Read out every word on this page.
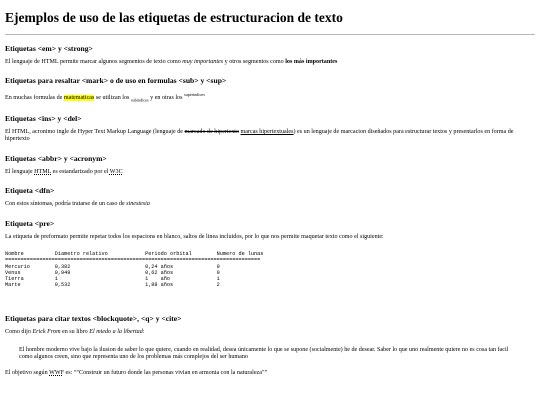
Ejemplos de uso de las etiquetas de estructuracion de texto
Etiquetas <em> y <strong>

El lenguaje de HTML permite marcar algunos segmentos de texto como muy importantes y otros segmentos como los más importantes

Etiquetas para resaltar <mark> o de uso en formulas <sub> y <sup>

En muchas formulas de matematicas se utilizan los $_{subindices}$ y en otras los $^{superindices}$

Etiquetas <ins> y <del>

El HTML, acronimo ingle de Hyper Text Markup Language (lenguaje de marcado de hipertexto marcas hipertextuales) es un lenguaje de marcacion diseñados para estructurar textos y presentarlos en forma de hipertexto

Etiquetas <abbr> y <acronym>

El lenguaje HTML es estandarizado por el W3C

Etiqueta <dfn>

Con estos síntomas, podría tratarse de un caso de sinestesia

Etiqueta <pre>

La etiqueta de preformato permite repetar todos los espacions en blanco, saltos de linea incluidos, por lo que nos permite maquetar texto como el siguiente:

Nombre          Diametro relativo            Periodo orbital        Numero de lunas
==================================================================================
Mercurio        0,382                        0,24 años              0
Venus           0,949                        0,62 años              0
Tierra          1                            1    año               1
Marte           0,532                        1,88 años              2
Etiquetas para citar textos <blockquote>, <q> y <cite>

Como dijo Erick From en su libro El miedo a la libertad:

El hombre moderno vive bajo la ilusion de saber lo que quiere, cuando en realidad, desea únicamente lo que se supone (socialmente) he de desear. Saber lo que uno realmente quiere no es cosa tan facil como algunos creen, sino que representa uno de los problemas más complejos del ser humano

El objetivo según WWF es: "Construir un futuro donde las personas vivian en armonia con la naturaleza"
